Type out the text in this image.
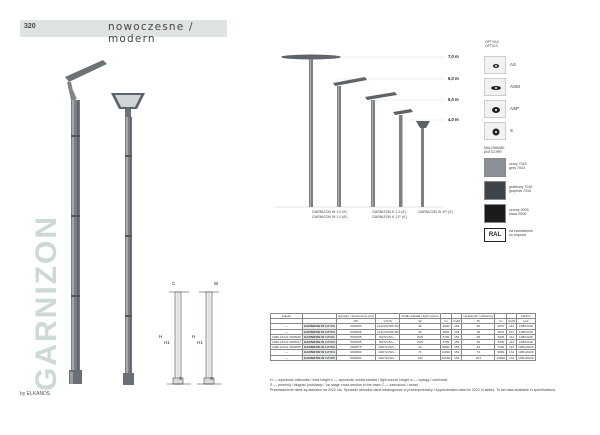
320	nowoczesne / modern
GARNIZON
by ELKANDS
C	W
H
H1
H
H1
S	S
7,0 m
6,0 m
5,0 m
4,0 m
GARNIZON W 1.0 (5')
GARNIZON W 1.0 (6')
GARNIZON K 1.0 (4')
GARNIZON K 1.P (4')
GARNIZON W 1P (4')
OPTYKA
OPTICS
AS
ASM
ASP
S
MALOWANIE
ANTICORR
szary 7043
grey 7043
grafitowy 7016
graphite 7016
czarny 9005
black 9005
RAL
na zamówienie
on request
indeks		wymiary / dimensions [cm]		źródło światła / light source			sprawność / efficiency			bardzo
		H/h	w/C/S	W	lm	lm/W	W	lm	lm/W	kod
—	GARNIZON W 1.P 4/3	400/090	≥112×52/65×50	32	4900	154	36	4070	112	108/10/10
—	GARNIZON W 1.P 5/3	500/095	≥112×52/65×50	32	4900	154	36	4070	112	108/10/10
1996-21211-W00020	GARNIZON W 1.P 5/1	500/095	90/72×52+...	24/6	3700	154	28	3200	112	108/10/10
1996-21211-W00017	GARNIZON W 1.P 5/4	500/095	80/72×52+...	24/6	3700	154	30	3200	112	108/10/10
1996-21211-W00025	GARNIZON W 1.P 6/3	600/675	100/72×52+...	44	6800	154	64	7200	112	108/120/20
—	GARNIZON W 1.P 6/4	600/600	100/72×52+...	71	11090	154	72	9800	131	108/120/20
—	GARNIZON W 1.P 6/5	600/600	100/72×52+...	144	22180	154	104	13600	131	108/120/20
H — wysokość całkowita / total height h — wysokość źródła światła / light source height w — wysięg / overhead
S — przekrój / długość podstawy / 1st stage cross section in the base C — szerokość / broad
Przedstawione dane są aktualne na 2022 rok. Sprawdź aktualne dane kataloguowe w przedsprzedaży / Approximated data for 2022 in tables. To set data available in specifications.
